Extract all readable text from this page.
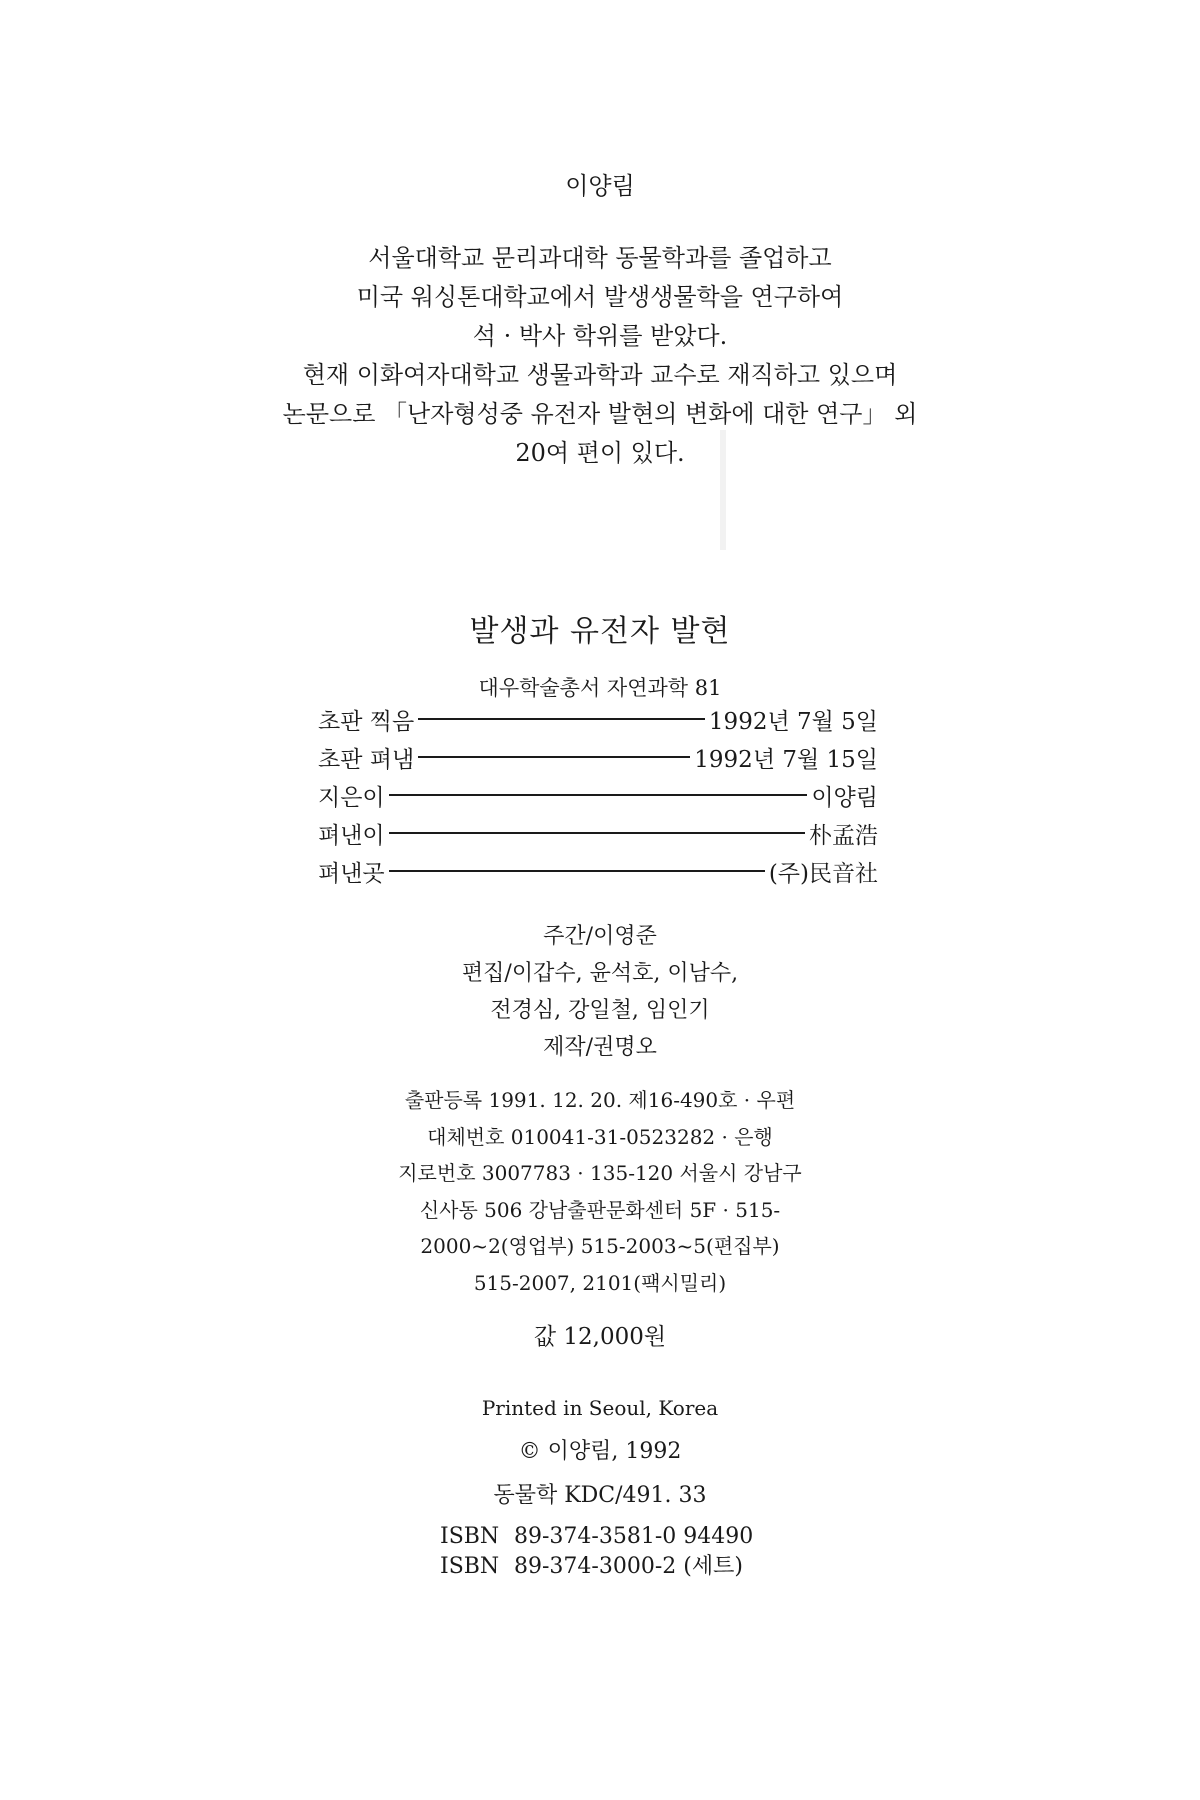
이양림
서울대학교 문리과대학 동물학과를 졸업하고
미국 워싱톤대학교에서 발생생물학을 연구하여
석 · 박사 학위를 받았다.
현재 이화여자대학교 생물과학과 교수로 재직하고 있으며
논문으로 「난자형성중 유전자 발현의 변화에 대한 연구」 외
20여 편이 있다.
발생과 유전자 발현
대우학술총서 자연과학 81
초판 찍음	1992년 7월 5일
초판 펴냄	1992년 7월 15일
지은이	이양림
펴낸이	朴孟浩
펴낸곳	(주)民音社
주간/이영준
편집/이갑수, 윤석호, 이남수,
전경심, 강일철, 임인기
제작/권명오
출판등록 1991. 12. 20. 제16-490호 · 우편
대체번호 010041-31-0523282 · 은행
지로번호 3007783 · 135-120 서울시 강남구
신사동 506 강남출판문화센터 5F · 515-
2000~2(영업부) 515-2003~5(편집부)
515-2007, 2101(팩시밀리)
값 12,000원
Printed in Seoul, Korea
© 이양림, 1992
동물학 KDC/491. 33
ISBN 89-374-3581-0 94490
ISBN 89-374-3000-2 (세트)
